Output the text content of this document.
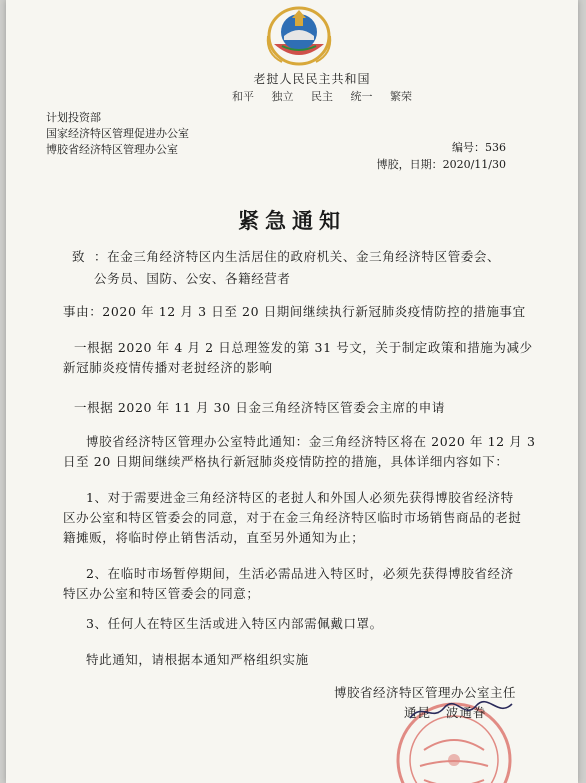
老挝人民民主共和国
和平 独立 民主 统一 繁荣
计划投资部
国家经济特区管理促进办公室
博胶省经济特区管理办公室	编号：536
博胶，日期：2020/11/30
紧急通知
致 ：在金三角经济特区内生活居住的政府机关、金三角经济特区管委会、
公务员、国防、公安、各籍经营者
事由：2020 年 12 月 3 日至 20 日期间继续执行新冠肺炎疫情防控的措施事宜
一根据 2020 年 4 月 2 日总理签发的第 31 号文，关于制定政策和措施为减少
新冠肺炎疫情传播对老挝经济的影响
一根据 2020 年 11 月 30 日金三角经济特区管委会主席的申请
博胶省经济特区管理办公室特此通知：金三角经济特区将在 2020 年 12 月 3
日至 20 日期间继续严格执行新冠肺炎疫情防控的措施，具体详细内容如下：
1、对于需要进金三角经济特区的老挝人和外国人必须先获得博胶省经济特
区办公室和特区管委会的同意，对于在金三角经济特区临时市场销售商品的老挝
籍摊贩，将临时停止销售活动，直至另外通知为止；
2、在临时市场暂停期间，生活必需品进入特区时，必须先获得博胶省经济
特区办公室和特区管委会的同意；
3、任何人在特区生活或进入特区内部需佩戴口罩。
特此通知，请根据本通知严格组织实施
博胶省经济特区管理办公室主任
通昆 · 波通眷
